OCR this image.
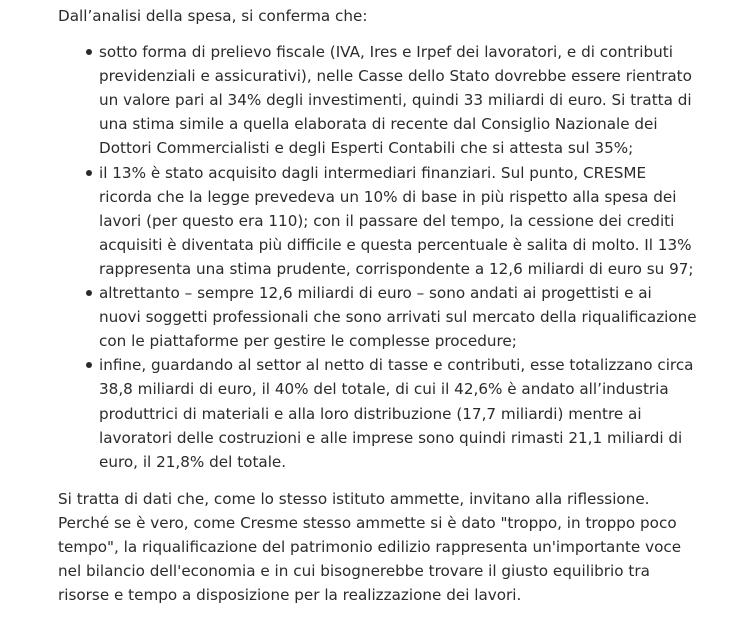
Dall’analisi della spesa, si conferma che:

sotto forma di prelievo fiscale (IVA, Ires e Irpef dei lavoratori, e di contributi previdenziali e assicurativi), nelle Casse dello Stato dovrebbe essere rientrato un valore pari al 34% degli investimenti, quindi 33 miliardi di euro. Si tratta di una stima simile a quella elaborata di recente dal Consiglio Nazionale dei Dottori Commercialisti e degli Esperti Contabili che si attesta sul 35%;
il 13% è stato acquisito dagli intermediari finanziari. Sul punto, CRESME ricorda che la legge prevedeva un 10% di base in più rispetto alla spesa dei lavori (per questo era 110); con il passare del tempo, la cessione dei crediti acquisiti è diventata più difficile e questa percentuale è salita di molto. Il 13% rappresenta una stima prudente, corrispondente a 12,6 miliardi di euro su 97;
altrettanto – sempre 12,6 miliardi di euro – sono andati ai progettisti e ai nuovi soggetti professionali che sono arrivati sul mercato della riqualificazione con le piattaforme per gestire le complesse procedure;
infine, guardando al settor al netto di tasse e contributi, esse totalizzano circa 38,8 miliardi di euro, il 40% del totale, di cui il 42,6% è andato all’industria produttrici di materiali e alla loro distribuzione (17,7 miliardi) mentre ai lavoratori delle costruzioni e alle imprese sono quindi rimasti 21,1 miliardi di euro, il 21,8% del totale.

Si tratta di dati che, come lo stesso istituto ammette, invitano alla riflessione. Perché se è vero, come Cresme stesso ammette si è dato "troppo, in troppo poco tempo", la riqualificazione del patrimonio edilizio rappresenta un'importante voce nel bilancio dell'economia e in cui bisognerebbe trovare il giusto equilibrio tra risorse e tempo a disposizione per la realizzazione dei lavori.
